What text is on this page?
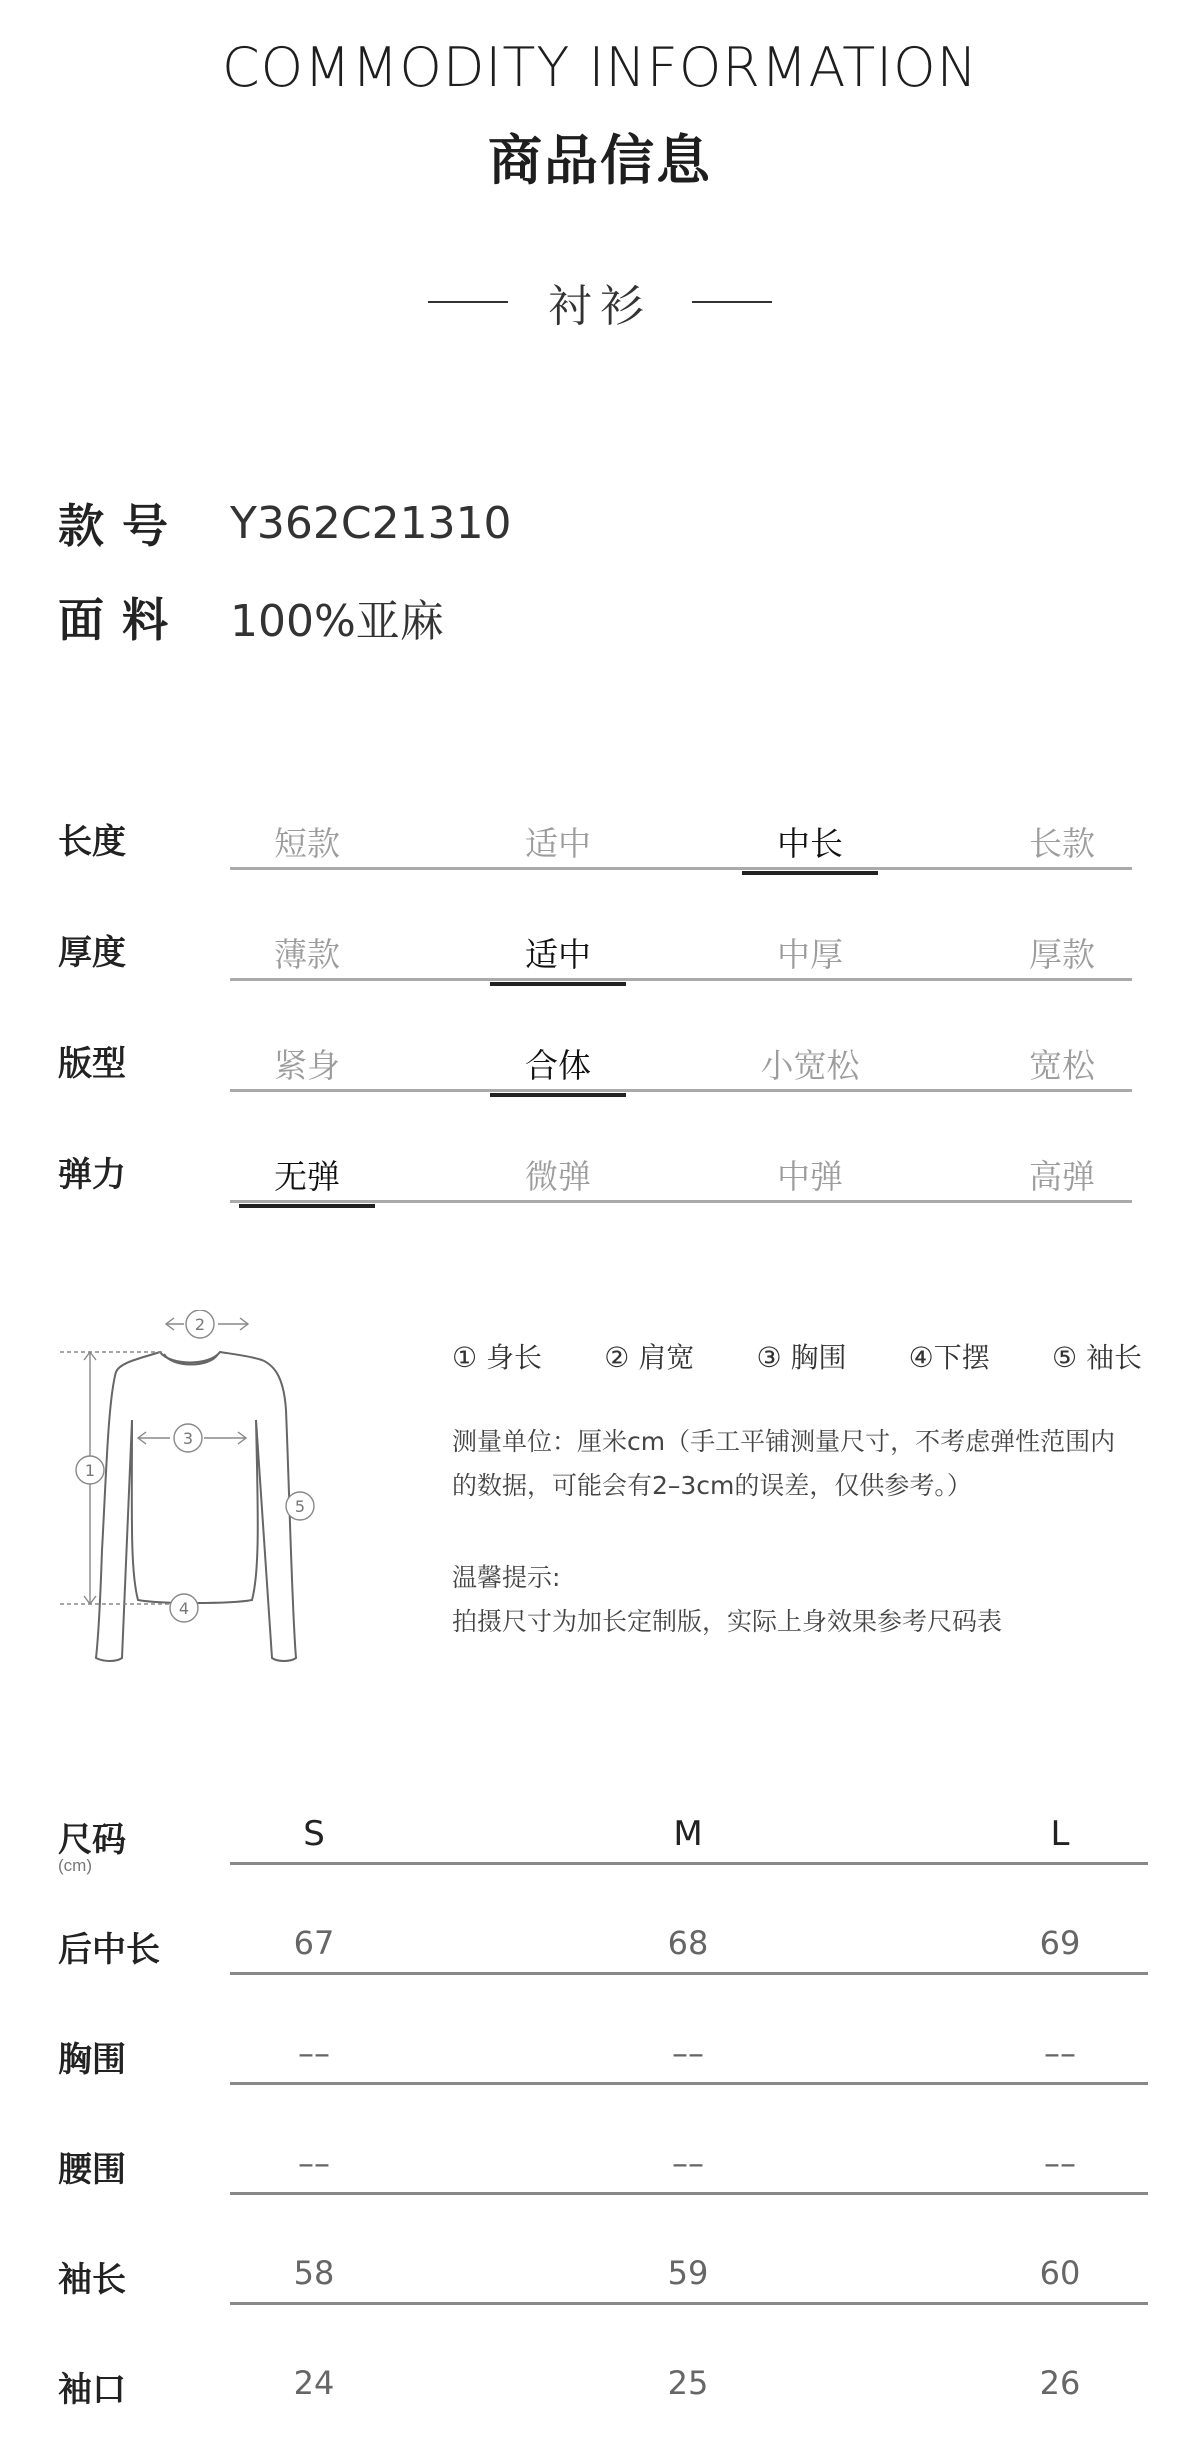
COMMODITY INFORMATION
商品信息
衬衫
款号	Y362C21310
面料	100%亚麻
长度	短款	适中	中长	长款
厚度	薄款	适中	中厚	厚款
版型	紧身	合体	小宽松	宽松
弹力	无弹	微弹	中弹	高弹
1
2
3
4
5
① 身长 ② 肩宽 ③ 胸围 ④下摆 ⑤ 袖长
测量单位：厘米cm（手工平铺测量尺寸，不考虑弹性范围内
的数据，可能会有2–3cm的误差，仅供参考。）
温馨提示:
拍摄尺寸为加长定制版，实际上身效果参考尺码表
尺码
(cm)
S	M	L
后中长	67	68	69
胸围	––	––	––
腰围	––	––	––
袖长	58	59	60
袖口	24	25	26
